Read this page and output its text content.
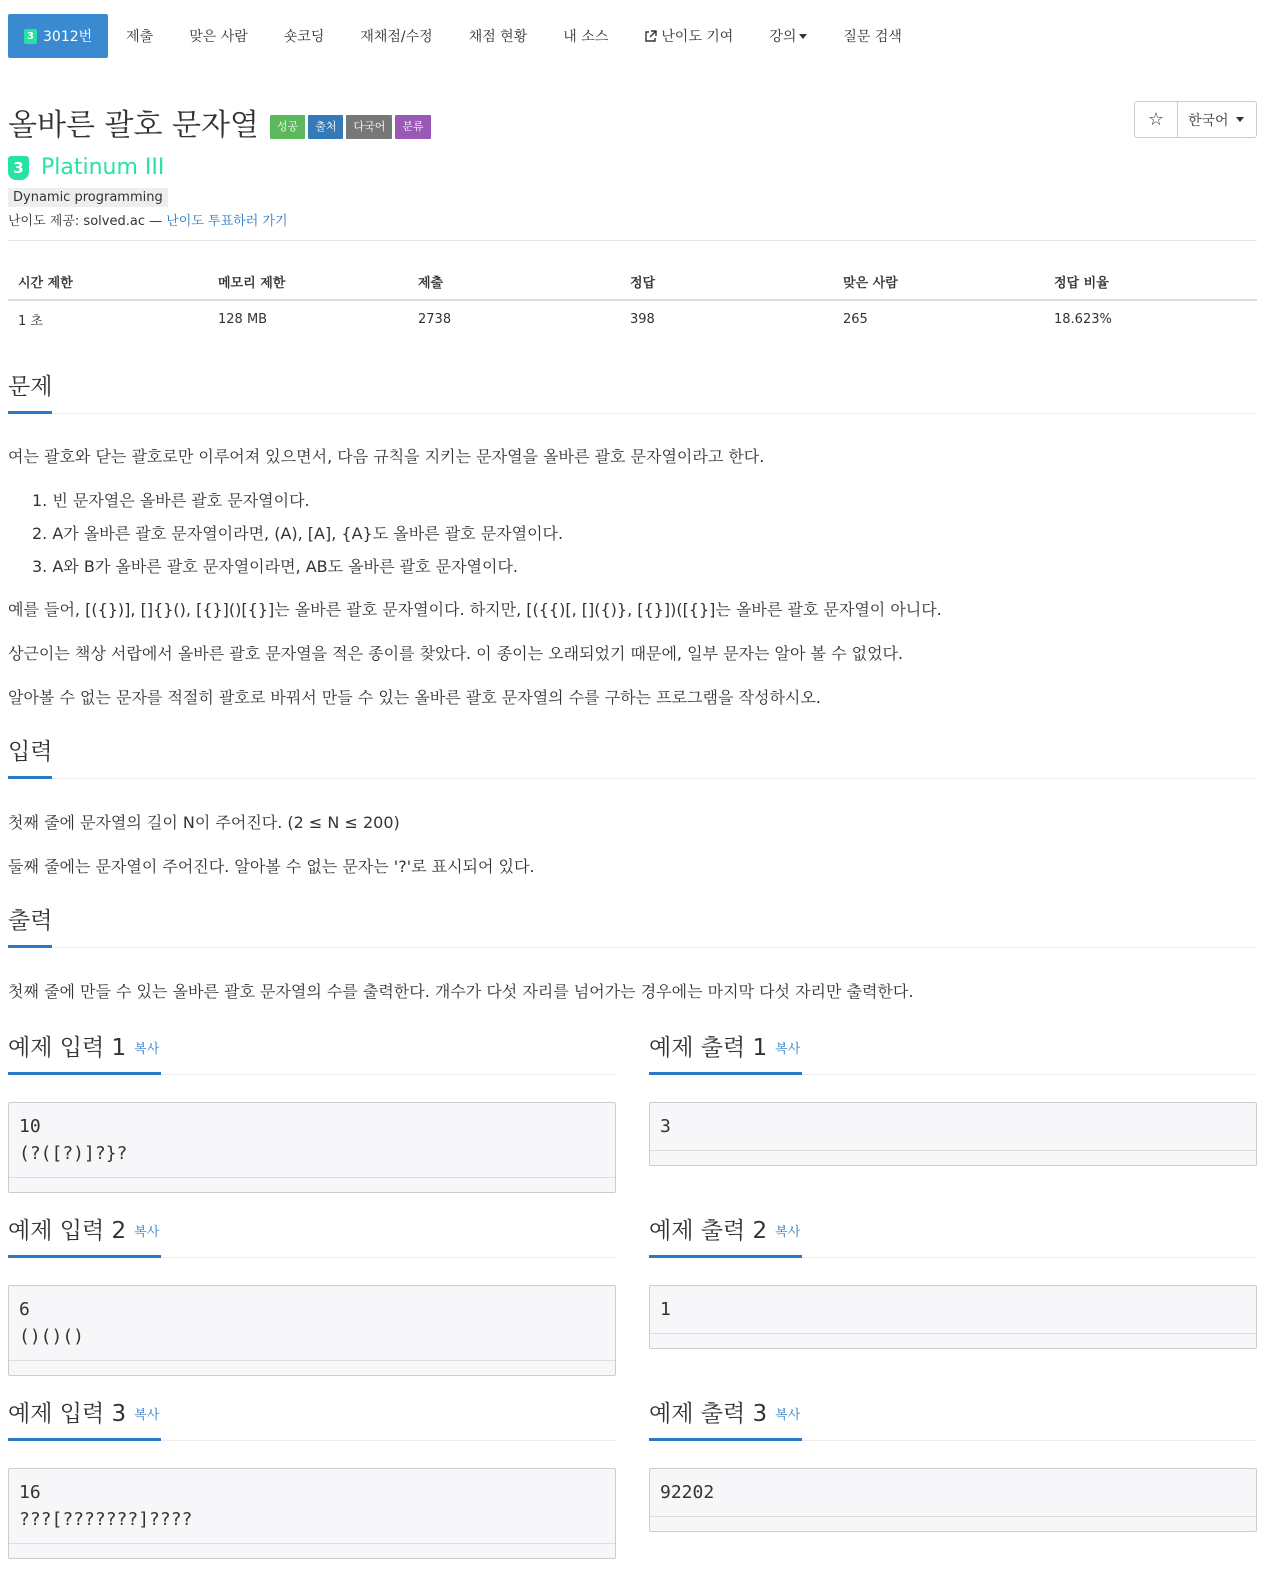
3 3012번	제출	맞은 사람	숏코딩	재채점/수정	채점 현황	내 소스	난이도 기여	강의	질문 검색
올바른 괄호 문자열	성공	출처	다국어	분류	☆	한국어
3 Platinum III
Dynamic programming
난이도 제공: solved.ac — 난이도 투표하러 가기
시간 제한	메모리 제한	제출	정답	맞은 사람	정답 비율
1 초	128 MB	2738	398	265	18.623%
문제
여는 괄호와 닫는 괄호로만 이루어져 있으면서, 다음 규칙을 지키는 문자열을 올바른 괄호 문자열이라고 한다.
1. 빈 문자열은 올바른 괄호 문자열이다.
2. A가 올바른 괄호 문자열이라면, (A), [A], {A}도 올바른 괄호 문자열이다.
3. A와 B가 올바른 괄호 문자열이라면, AB도 올바른 괄호 문자열이다.
예를 들어, [({})], []{}(), [{}]()[{}]는 올바른 괄호 문자열이다. 하지만, [({{)[, []({)}, [{}])([{}]는 올바른 괄호 문자열이 아니다.
상근이는 책상 서랍에서 올바른 괄호 문자열을 적은 종이를 찾았다. 이 종이는 오래되었기 때문에, 일부 문자는 알아 볼 수 없었다.
알아볼 수 없는 문자를 적절히 괄호로 바꿔서 만들 수 있는 올바른 괄호 문자열의 수를 구하는 프로그램을 작성하시오.
입력
첫째 줄에 문자열의 길이 N이 주어진다. (2 ≤ N ≤ 200)
둘째 줄에는 문자열이 주어진다. 알아볼 수 없는 문자는 '?'로 표시되어 있다.
출력
첫째 줄에 만들 수 있는 올바른 괄호 문자열의 수를 출력한다. 개수가 다섯 자리를 넘어가는 경우에는 마지막 다섯 자리만 출력한다.
예제 입력 1 복사	예제 출력 1 복사
10
(?([?)]?}?
3
예제 입력 2 복사	예제 출력 2 복사
6
()()()
1
예제 입력 3 복사	예제 출력 3 복사
16
???[???????]????
92202
